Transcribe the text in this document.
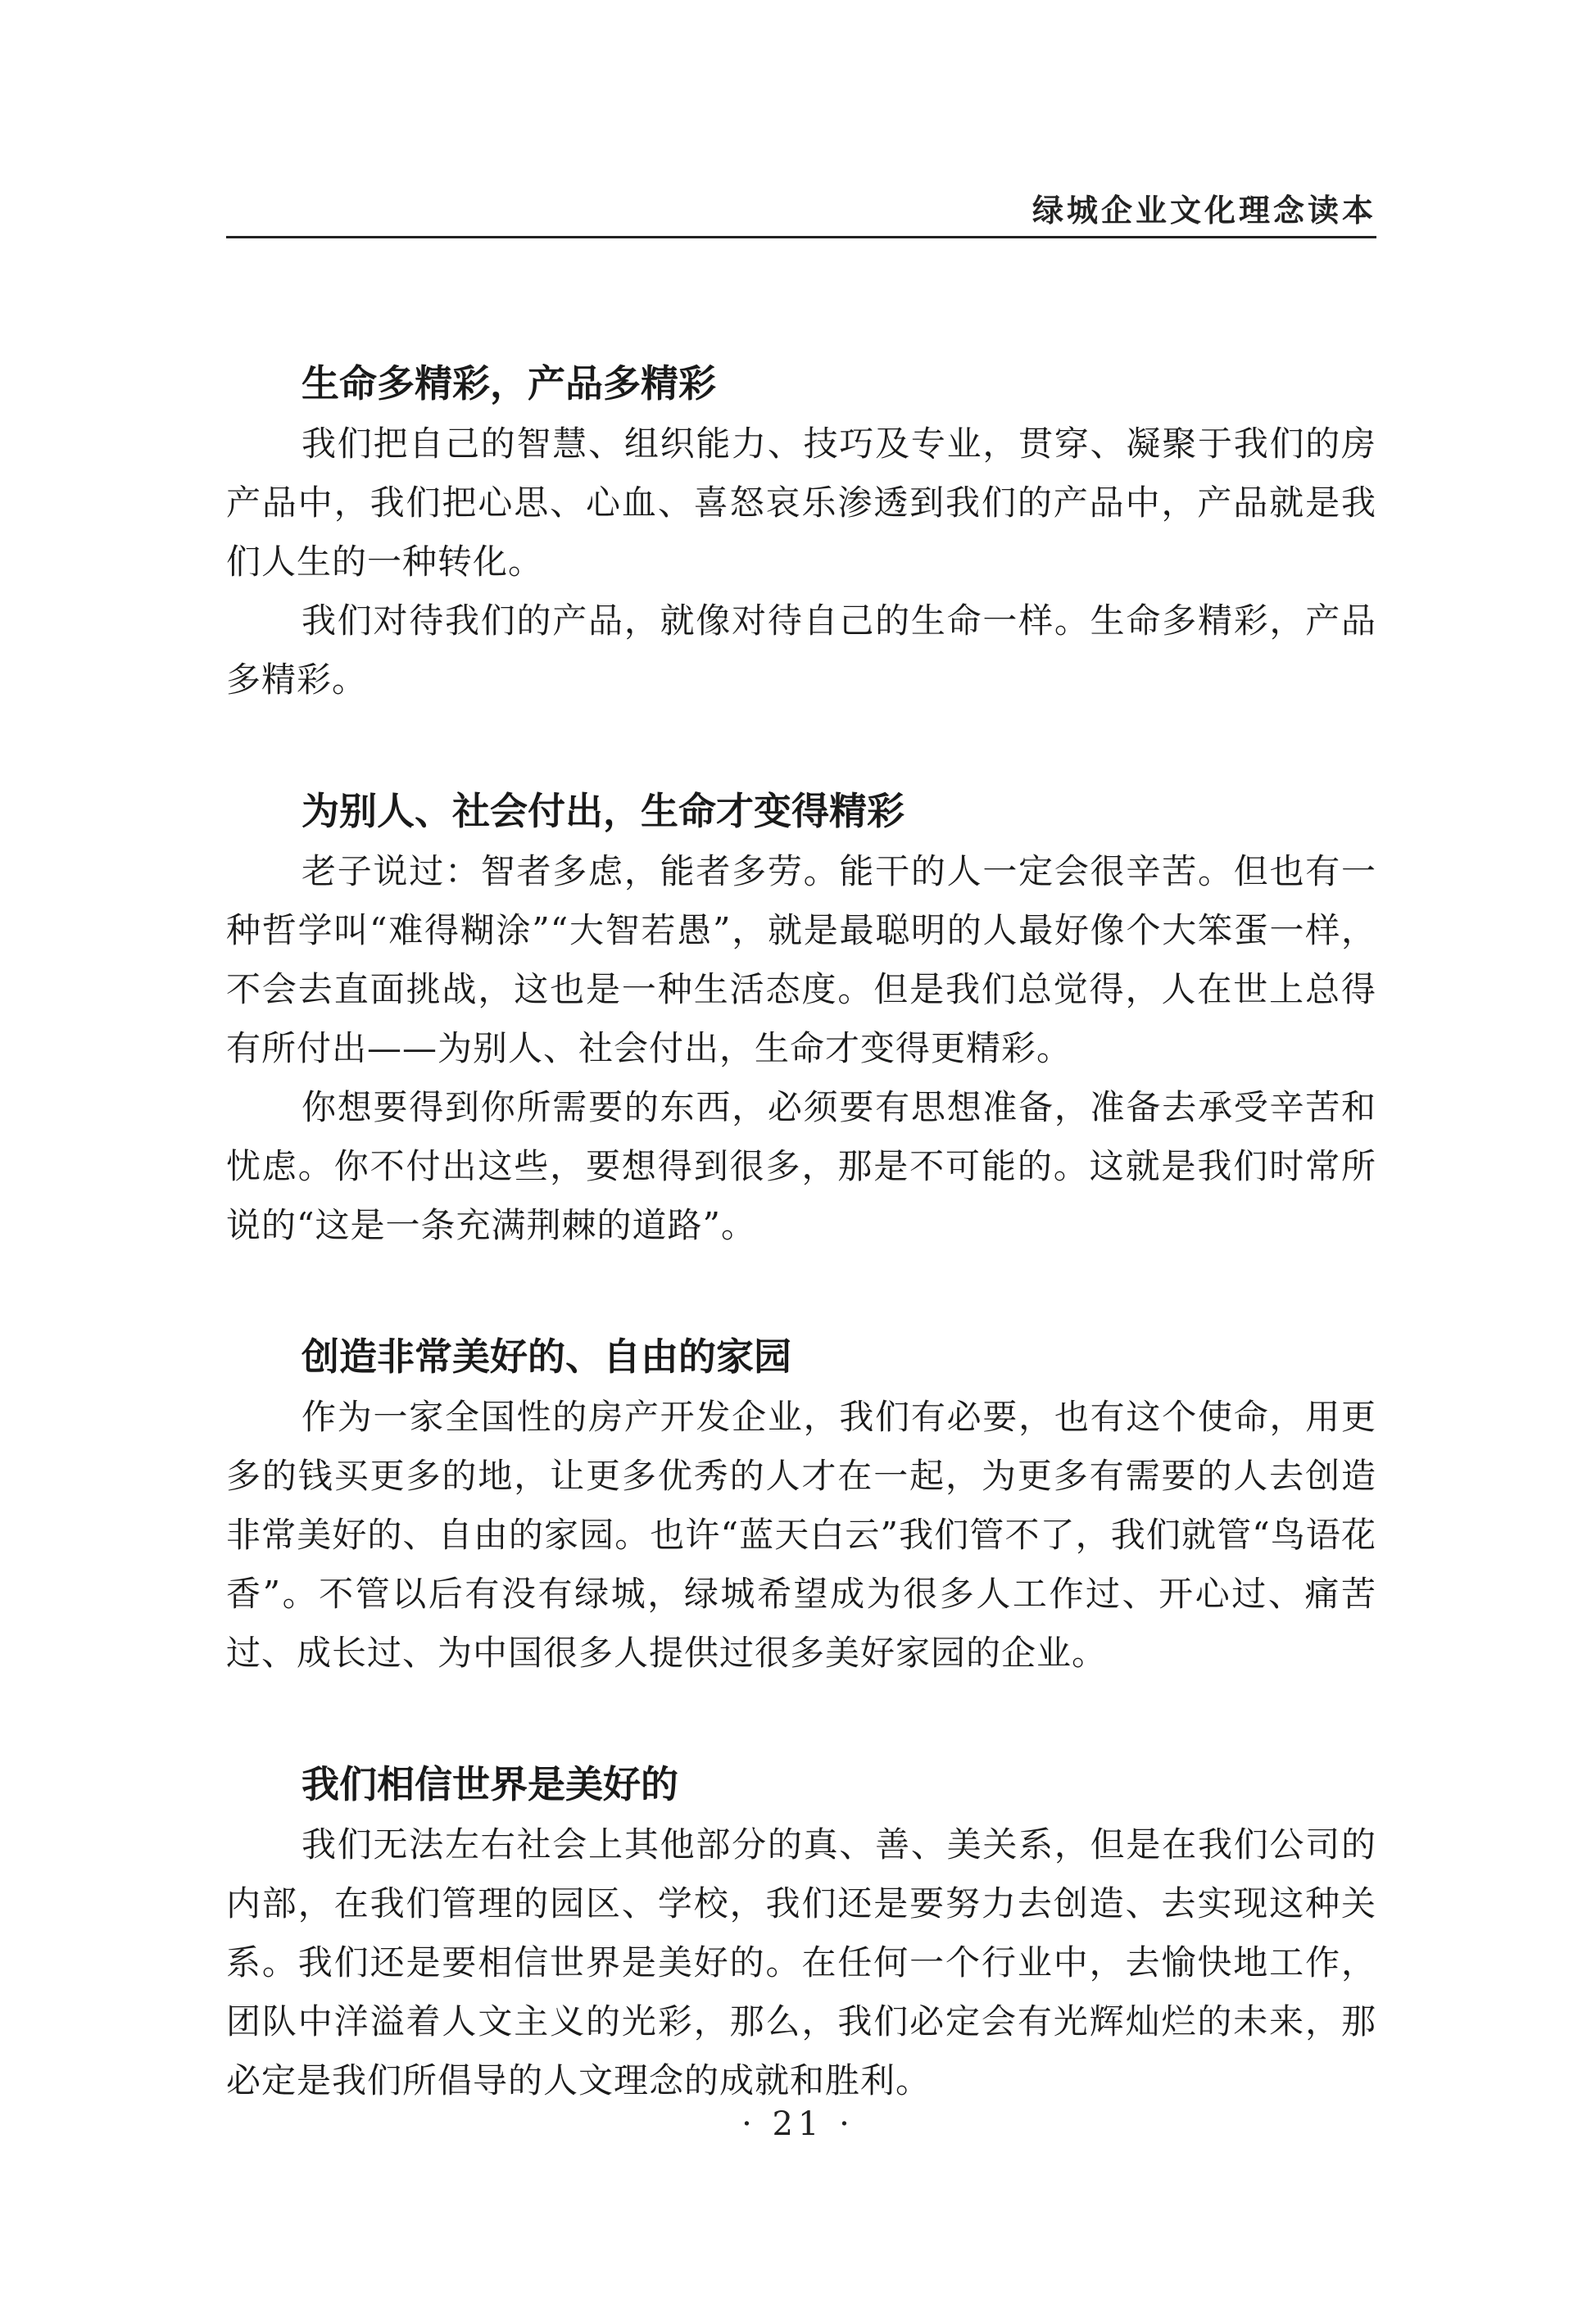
绿城企业文化理念读本
生命多精彩，产品多精彩

我们把自己的智慧、组织能力、技巧及专业，贯穿、凝聚于我们的房产品中，我们把心思、心血、喜怒哀乐渗透到我们的产品中，产品就是我们人生的一种转化。

我们对待我们的产品，就像对待自己的生命一样。生命多精彩，产品多精彩。

为别人、社会付出，生命才变得精彩

老子说过：智者多虑，能者多劳。能干的人一定会很辛苦。但也有一种哲学叫“难得糊涂”“大智若愚”，就是最聪明的人最好像个大笨蛋一样，不会去直面挑战，这也是一种生活态度。但是我们总觉得，人在世上总得有所付出——为别人、社会付出，生命才变得更精彩。

你想要得到你所需要的东西，必须要有思想准备，准备去承受辛苦和忧虑。你不付出这些，要想得到很多，那是不可能的。这就是我们时常所说的“这是一条充满荆棘的道路”。

创造非常美好的、自由的家园

作为一家全国性的房产开发企业，我们有必要，也有这个使命，用更多的钱买更多的地，让更多优秀的人才在一起，为更多有需要的人去创造非常美好的、自由的家园。也许“蓝天白云”我们管不了，我们就管“鸟语花香”。不管以后有没有绿城，绿城希望成为很多人工作过、开心过、痛苦过、成长过、为中国很多人提供过很多美好家园的企业。

我们相信世界是美好的

我们无法左右社会上其他部分的真、善、美关系，但是在我们公司的内部，在我们管理的园区、学校，我们还是要努力去创造、去实现这种关系。我们还是要相信世界是美好的。在任何一个行业中，去愉快地工作，团队中洋溢着人文主义的光彩，那么，我们必定会有光辉灿烂的未来，那必定是我们所倡导的人文理念的成就和胜利。

· 21 ·
